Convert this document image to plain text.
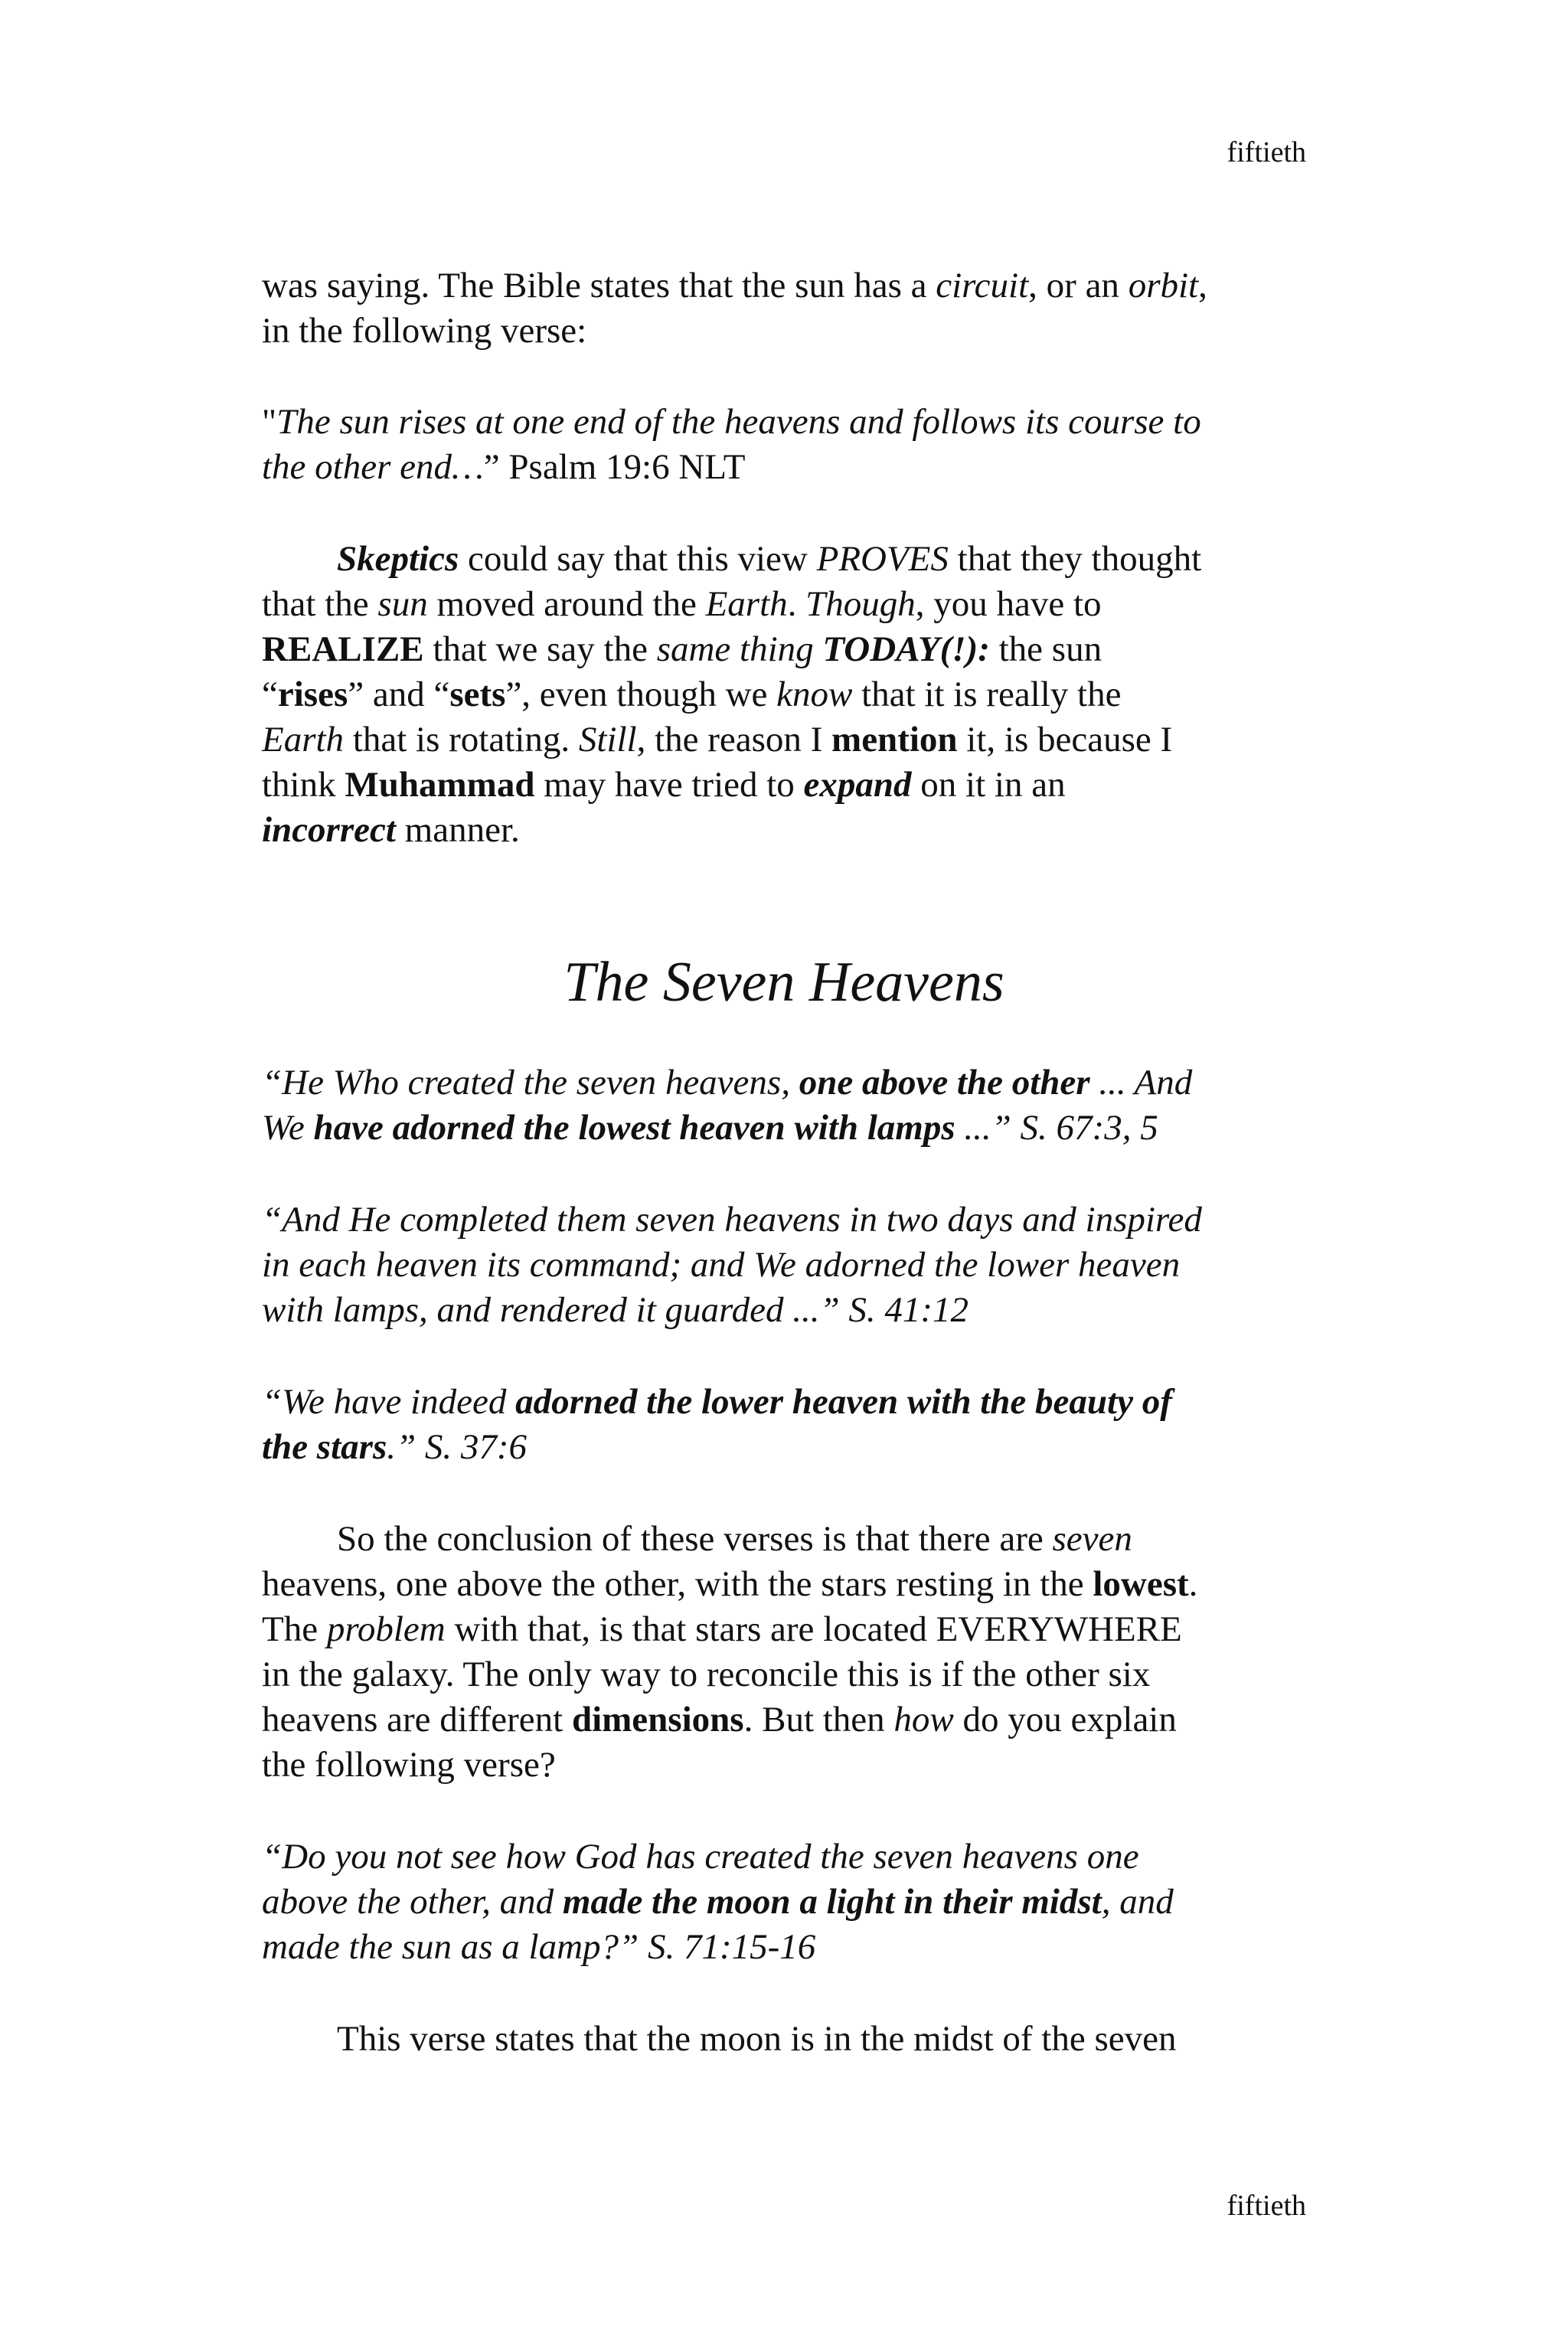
fiftieth
was saying. The Bible states that the sun has a circuit, or an orbit,
in the following verse:
"The sun rises at one end of the heavens and follows its course to
the other end…” Psalm 19:6 NLT
Skeptics could say that this view PROVES that they thought
that the sun moved around the Earth. Though, you have to
REALIZE that we say the same thing TODAY(!): the sun
“rises” and “sets”, even though we know that it is really the
Earth that is rotating. Still, the reason I mention it, is because I
think Muhammad may have tried to expand on it in an
incorrect manner.
The Seven Heavens
“He Who created the seven heavens, one above the other ... And
We have adorned the lowest heaven with lamps ...” S. 67:3, 5
“And He completed them seven heavens in two days and inspired
in each heaven its command; and We adorned the lower heaven
with lamps, and rendered it guarded ...” S. 41:12
“We have indeed adorned the lower heaven with the beauty of
the stars.” S. 37:6
So the conclusion of these verses is that there are seven
heavens, one above the other, with the stars resting in the lowest.
The problem with that, is that stars are located EVERYWHERE
in the galaxy. The only way to reconcile this is if the other six
heavens are different dimensions. But then how do you explain
the following verse?
“Do you not see how God has created the seven heavens one
above the other, and made the moon a light in their midst, and
made the sun as a lamp?” S. 71:15-16
This verse states that the moon is in the midst of the seven
fiftieth
